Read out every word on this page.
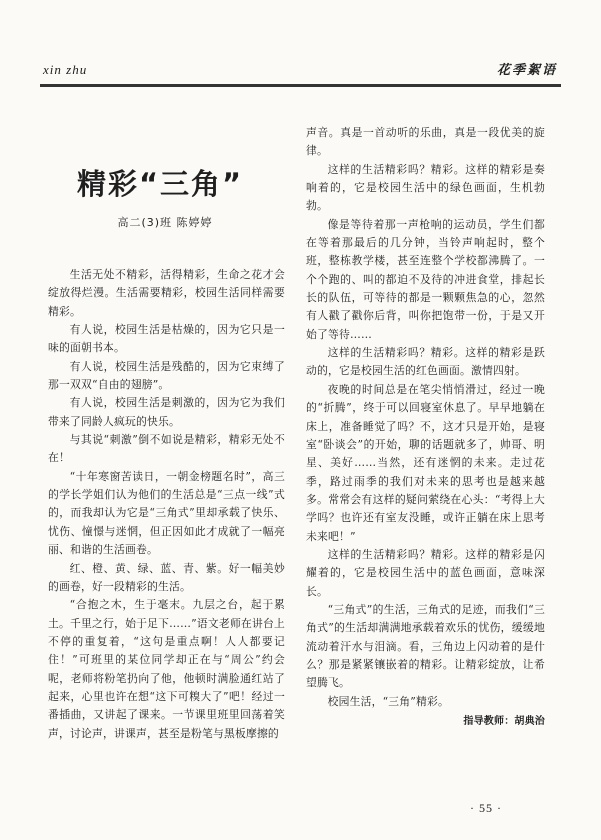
xin zhu	花季絮语
精彩“三角”
高二(3)班 陈婷婷

生活无处不精彩，活得精彩，生命之花才会绽放得烂漫。生活需要精彩，校园生活同样需要精彩。

有人说，校园生活是枯燥的，因为它只是一味的面朝书本。

有人说，校园生活是残酷的，因为它束缚了那一双双“自由的翅膀”。

有人说，校园生活是刺激的，因为它为我们带来了同龄人疯玩的快乐。

与其说“刺激”倒不如说是精彩，精彩无处不在！

“十年寒窗苦读日，一朝金榜题名时”，高三的学长学姐们认为他们的生活总是“三点一线”式的，而我却认为它是“三角式”里却承载了快乐、忧伤、憧憬与迷惘，但正因如此才成就了一幅亮丽、和谐的生活画卷。

红、橙、黄、绿、蓝、青、紫。好一幅美妙的画卷，好一段精彩的生活。

“合抱之木，生于毫末。九层之台，起于累土。千里之行，始于足下……”语文老师在讲台上不停的重复着，“这句是重点啊！人人都要记住！”可班里的某位同学却正在与“周公”约会呢，老师将粉笔扔向了他，他顿时满脸通红站了起来，心里也许在想“这下可糗大了”吧！经过一番插曲，又讲起了课来。一节课里班里回荡着笑声，讨论声，讲课声，甚至是粉笔与黑板摩擦的

声音。真是一首动听的乐曲，真是一段优美的旋律。

这样的生活精彩吗？精彩。这样的精彩是奏响着的，它是校园生活中的绿色画面，生机勃勃。

像是等待着那一声枪响的运动员，学生们都在等着那最后的几分钟，当铃声响起时，整个班，整栋教学楼，甚至连整个学校都沸腾了。一个个跑的、叫的都迫不及待的冲进食堂，排起长长的队伍，可等待的都是一颗颗焦急的心，忽然有人戳了戳你后背，叫你把饱带一份，于是又开始了等待……

这样的生活精彩吗？精彩。这样的精彩是跃动的，它是校园生活的红色画面。激情四射。

夜晚的时间总是在笔尖悄悄滑过，经过一晚的“折腾”，终于可以回寝室休息了。早早地躺在床上，准备睡觉了吗？不，这才只是开始，是寝室“卧谈会”的开始，聊的话题就多了，帅哥、明星、美好……当然，还有迷惘的未来。走过花季，路过雨季的我们对未来的思考也是越来越多。常常会有这样的疑问萦绕在心头：“考得上大学吗？也许还有室友没睡，或许正躺在床上思考未来吧！”

这样的生活精彩吗？精彩。这样的精彩是闪耀着的，它是校园生活中的蓝色画面，意味深长。

“三角式”的生活，三角式的足迹，而我们“三角式”的生活却满满地承载着欢乐的忧伤，缓缓地流动着汗水与泪滴。看，三角边上闪动着的是什么？那是紧紧镶嵌着的精彩。让精彩绽放，让希望腾飞。

校园生活，“三角”精彩。

指导教师：胡典治

· 55 ·
